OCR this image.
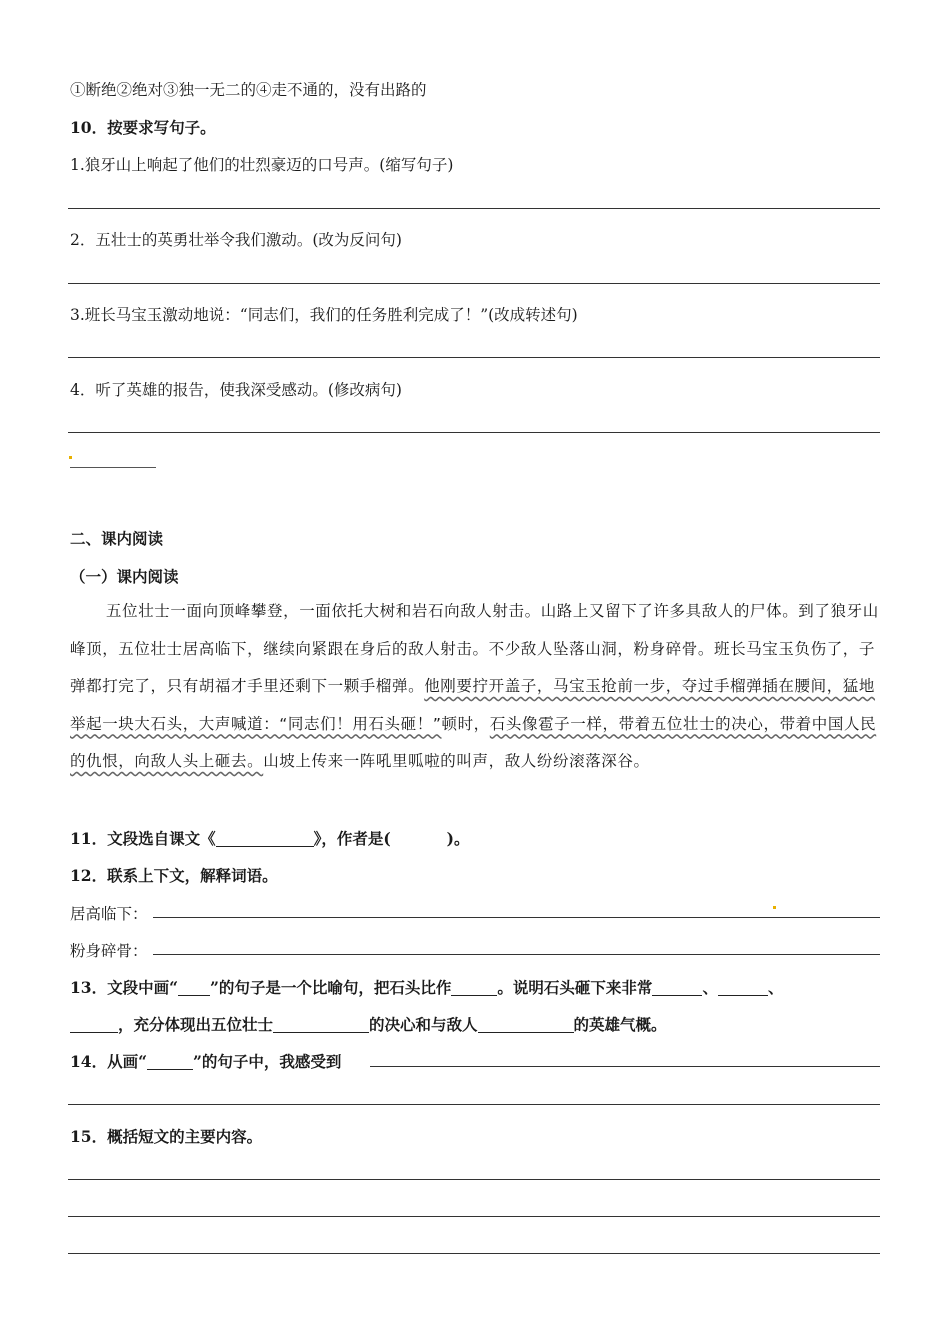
①断绝②绝对③独一无二的④走不通的，没有出路的
10．按要求写句子。
1.狼牙山上响起了他们的壮烈豪迈的口号声。(缩写句子)
2．五壮士的英勇壮举令我们激动。(改为反问句)
3.班长马宝玉激动地说：“同志们，我们的任务胜利完成了！”(改成转述句)
4．听了英雄的报告，使我深受感动。(修改病句)
二、课内阅读
（一）课内阅读
五位壮士一面向顶峰攀登，一面依托大树和岩石向敌人射击。山路上又留下了许多具敌人的尸体。到了狼牙山峰顶，五位壮士居高临下，继续向紧跟在身后的敌人射击。不少敌人坠落山洞，粉身碎骨。班长马宝玉负伤了，子弹都打完了，只有胡福才手里还剩下一颗手榴弹。他刚要拧开盖子，马宝玉抢前一步，夺过手榴弹插在腰间，猛地举起一块大石头，大声喊道：“同志们！用石头砸！”顿时，石头像雹子一样，带着五位壮士的决心，带着中国人民的仇恨，向敌人头上砸去。山坡上传来一阵吼里呱啦的叫声，敌人纷纷滚落深谷。
11．文段选自课文《	》，作者是(	)。
12．联系上下文，解释词语。
居高临下：
粉身碎骨：
13．文段中画“ ”的句子是一个比喻句，把石头比作	。说明石头砸下来非常	、	、
，充分体现出五位壮士	的决心和与敌人	的英雄气概。
14．从画“	”的句子中，我感受到
15．概括短文的主要内容。
